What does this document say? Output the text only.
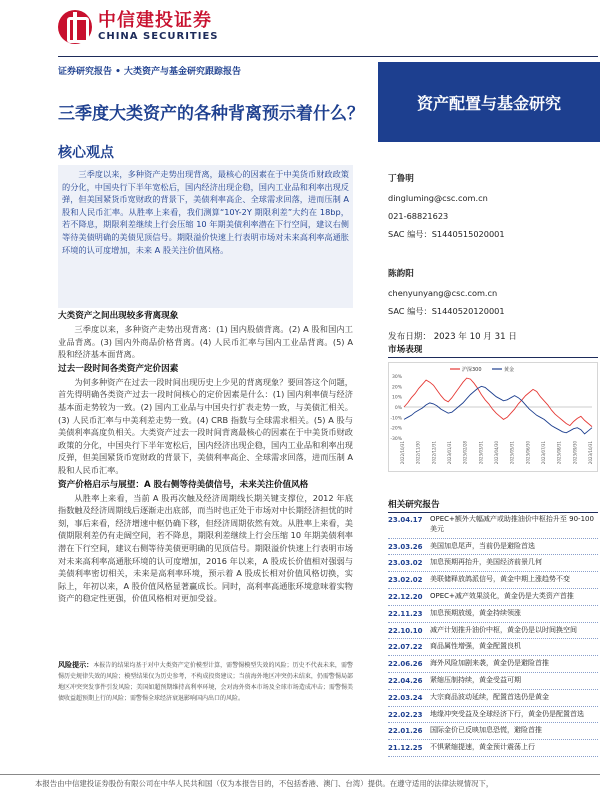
中信建投证券
CHINA SECURITIES
证券研究报告 • 大类资产与基金研究跟踪报告
三季度大类资产的各种背离预示着什么？
资产配置与基金研究
核心观点
三季度以来，多种资产走势出现背离，最核心的因素在于中美货币财政政策的分化，中国央行下半年宽松后，国内经济出现企稳，国内工业品和利率出现反弹，但美国紧货币宽财政的背景下，美债利率高企、全球需求回落，进而压制 A 股和人民币汇率。从胜率上来看，我们测算“10Y-2Y 期限利差”大约在 18bp，若不降息，期限利差继续上行会压缩 10 年期美债利率潜在下行空间，建议右侧等待美债明确的美债见顶信号。期限溢价快速上行表明市场对未来高利率高通胀环境的认可度增加，未来 A 股关注价值风格。
大类资产之间出现较多背离现象
三季度以来，多种资产走势出现背离：(1) 国内股债背离。(2) A 股和国内工业品背离。(3) 国内外商品价格背离。(4) 人民币汇率与国内工业品背离。(5) A 股和经济基本面背离。
过去一段时间各类资产定价因素
为何多种资产在过去一段时间出现历史上少见的背离现象？要回答这个问题，首先得明确各类资产过去一段时间核心的定价因素是什么：(1) 国内利率债与经济基本面走势较为一致。(2) 国内工业品与中国央行扩表走势一致，与美债汇相关。(3) 人民币汇率与中美利差走势一致。(4) CRB 指数与全球需求相关。(5) A 股与美债利率高度负相关。大类资产过去一段时间背离最核心的因素在于中美货币财政政策的分化，中国央行下半年宽松后，国内经济出现企稳，国内工业品和利率出现反弹，但美国紧货币宽财政的背景下，美债利率高企、全球需求回落，进而压制 A 股和人民币汇率。
资产价格启示与展望：A 股右侧等待美债信号，未来关注价值风格
从胜率上来看，当前 A 股再次触及经济周期线长期关键支撑位，2012 年底指数触及经济周期线后逐渐走出底部，而当时也正处于市场对中长期经济担忧的时刻，事后来看，经济增速中枢仍确下移，但经济周期依然有效。从胜率上来看，美债期限利差仍有走阔空间，若不降息，期限利差继续上行会压缩 10 年期美债利率潜在下行空间，建议右侧等待美债更明确的见顶信号。期限溢价快速上行表明市场对未来高利率高通胀环境的认可度增加，2016 年以来，A 股成长价值相对强弱与美债利率密切相关，未来是高利率环境，预示着 A 股成长相对价值风格切换，实际上，年初以来，A 股价值风格显著赢成长。同时，高利率高通胀环境意味着实物资产的稳定性更强，价值风格相对更加受益。
风险提示：本报告的结果均基于对中大类资产定价模型计算，需警惕模型失效的风险；历史不代表未来，需警惕历史规律失效的风险；模型结果仅为历史参考，不构成投资建议；当前海外地区冲突仍未结束，仍需警惕局部地区冲突突发事件引发风险；美国如超预期维持高利率环境，会对海外资本市场及全球市场造成冲击；需警惕美债收益超预期上行的风险；需警惕全球经济衰退影响国内出口的风险。
丁鲁明
dingluming@csc.com.cn
021-68821623
SAC 编号：S1440515020001
陈韵阳
chenyunyang@csc.com.cn
SAC 编号：S1440520120001
发布日期： 2023 年 10 月 31 日
市场表现
30%
20%
10%
0%
-10%
-20%
-30%
2022/10/31	2022/11/30	2022/12/31	2023/01/31	2023/02/28	2023/03/31	2023/04/30	2023/05/31	2023/06/30	2023/07/31	2023/08/31	2023/09/30	2023/10/31
沪深300	黄金
相关研究报告
23.04.17	OPEC+额外大幅减产或助推油价中枢抬升至 90-100 美元
23.03.26	美国加息尾声，当前仍是避险首选
23.03.02	加息预期再抬升，美国经济前景几何
23.02.02	美联储释放鸽派信号，黄金中期上涨趋势不变
22.12.20	OPEC+减产效果淡化，黄金仍是大类资产首推
22.11.23	加息预期放缓，黄金持续领涨
22.10.10	减产计划推升油价中枢，黄金仍是以时间换空间
22.07.22	商品属性增强，黄金配置良机
22.06.26	海外风险加剧来袭，黄金仍是避险首推
22.04.26	紧缩压制持续，黄金受益可期
22.03.24	大宗商品波动延续，配置首选仍是黄金
22.02.23	地缘冲突受益及全球经济下行，黄金仍是配置首选
22.01.26	国际金价已反映加息恐慌，避险首推
21.12.25	不惧紧缩提速，黄金预计震荡上行
本报告由中信建投证券股份有限公司在中华人民共和国（仅为本报告目的，不包括香港、澳门、台湾）提供。在遵守适用的法律法规情况下，
